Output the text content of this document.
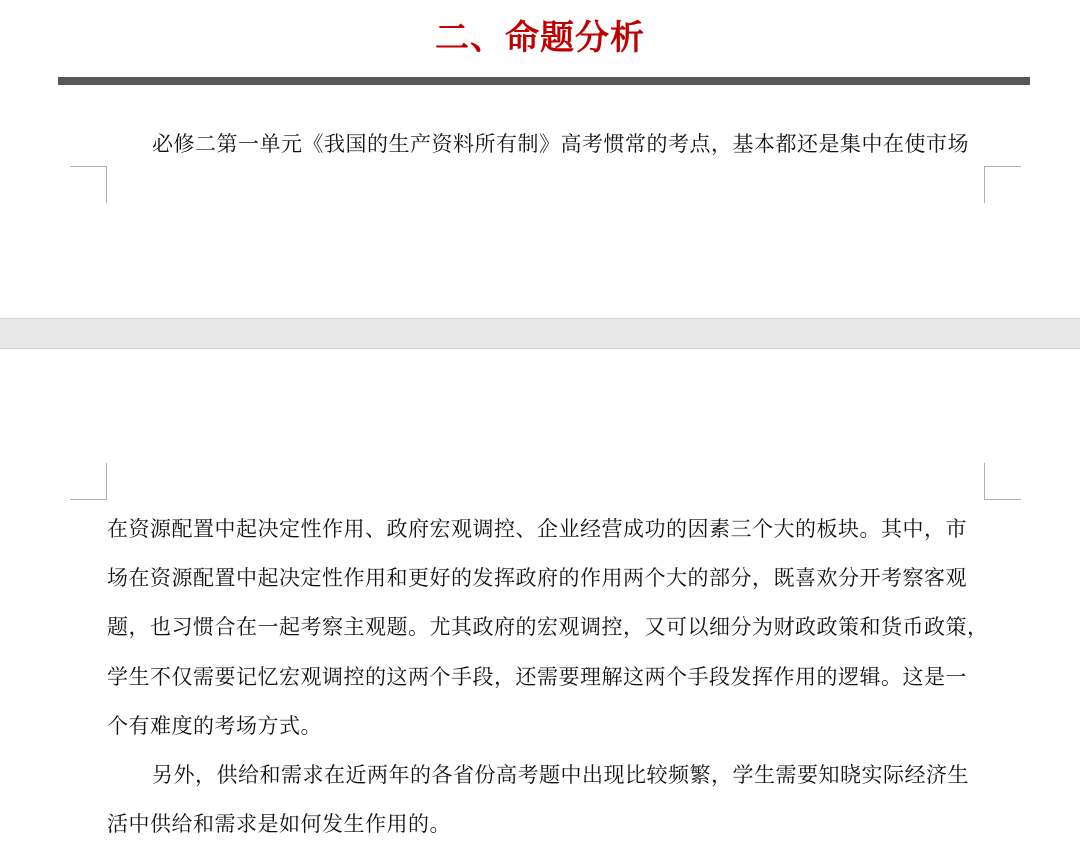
二、命题分析
必修二第一单元《我国的生产资料所有制》高考惯常的考点，基本都还是集中在使市场
在资源配置中起决定性作用、政府宏观调控、企业经营成功的因素三个大的板块。其中，市
场在资源配置中起决定性作用和更好的发挥政府的作用两个大的部分，既喜欢分开考察客观
题，也习惯合在一起考察主观题。尤其政府的宏观调控，又可以细分为财政政策和货币政策，
学生不仅需要记忆宏观调控的这两个手段，还需要理解这两个手段发挥作用的逻辑。这是一
个有难度的考场方式。
另外，供给和需求在近两年的各省份高考题中出现比较频繁，学生需要知晓实际经济生
活中供给和需求是如何发生作用的。
